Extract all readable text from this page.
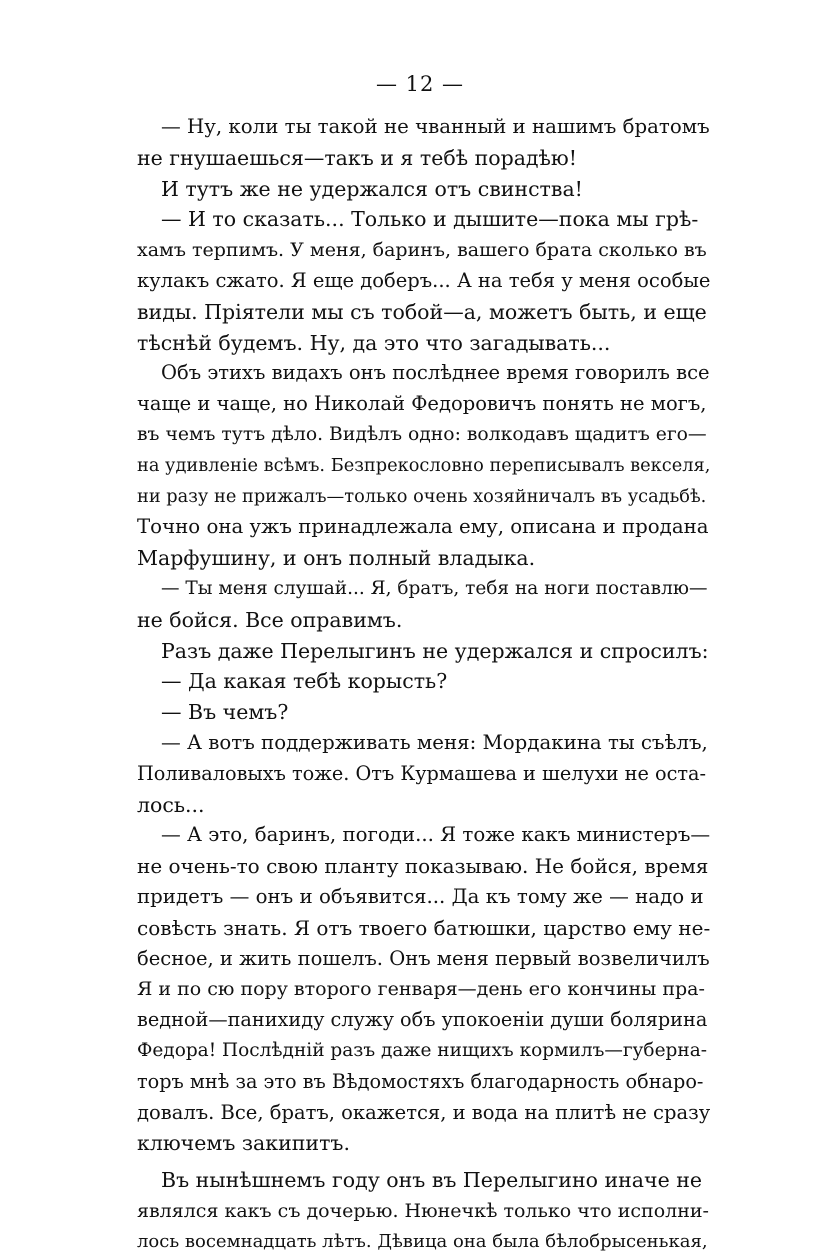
— 12 —
— Ну, коли ты такой не чванный и нашимъ братомъ
не гнушаешься—такъ и я тебѣ порадѣю!
И тутъ же не удержался отъ свинства!
— И то сказать... Только и дышите—пока мы грѣ-
хамъ терпимъ. У меня, баринъ, вашего брата сколько въ
кулакъ сжато. Я еще доберъ... А на тебя у меня особые
виды. Пріятели мы съ тобой—а, можетъ быть, и еще
тѣснѣй будемъ. Ну, да это что загадывать...
Объ этихъ видахъ онъ послѣднее время говорилъ все
чаще и чаще, но Николай Федоровичъ понять не могъ,
въ чемъ тутъ дѣло. Видѣлъ одно: волкодавъ щадитъ его—
на удивленіе всѣмъ. Безпрекословно переписывалъ векселя,
ни разу не прижалъ—только очень хозяйничалъ въ усадьбѣ.
Точно она ужъ принадлежала ему, описана и продана
Марфушину, и онъ полный владыка.
— Ты меня слушай... Я, братъ, тебя на ноги поставлю—
не бойся. Все оправимъ.
Разъ даже Перелыгинъ не удержался и спросилъ:
— Да какая тебѣ корысть?
— Въ чемъ?
— А вотъ поддерживать меня: Мордакина ты съѣлъ,
Поливаловыхъ тоже. Отъ Курмашева и шелухи не оста-
лось...
— А это, баринъ, погоди... Я тоже какъ министеръ—
не очень-то свою планту показываю. Не бойся, время
придетъ — онъ и объявится... Да къ тому же — надо и
совѣсть знать. Я отъ твоего батюшки, царство ему не-
бесное, и жить пошелъ. Онъ меня первый возвеличилъ
Я и по сю пору второго генваря—день его кончины пра-
ведной—панихиду служу объ упокоеніи души болярина
Федора! Послѣдній разъ даже нищихъ кормилъ—губерна-
торъ мнѣ за это въ Вѣдомостяхъ благодарность обнаро-
довалъ. Все, братъ, окажется, и вода на плитѣ не сразу
ключемъ закипитъ.
Въ нынѣшнемъ году онъ въ Перелыгино иначе не
являлся какъ съ дочерью. Нюнечкѣ только что исполни-
лось восемнадцать лѣтъ. Дѣвица она была бѣлобрысенькая,
